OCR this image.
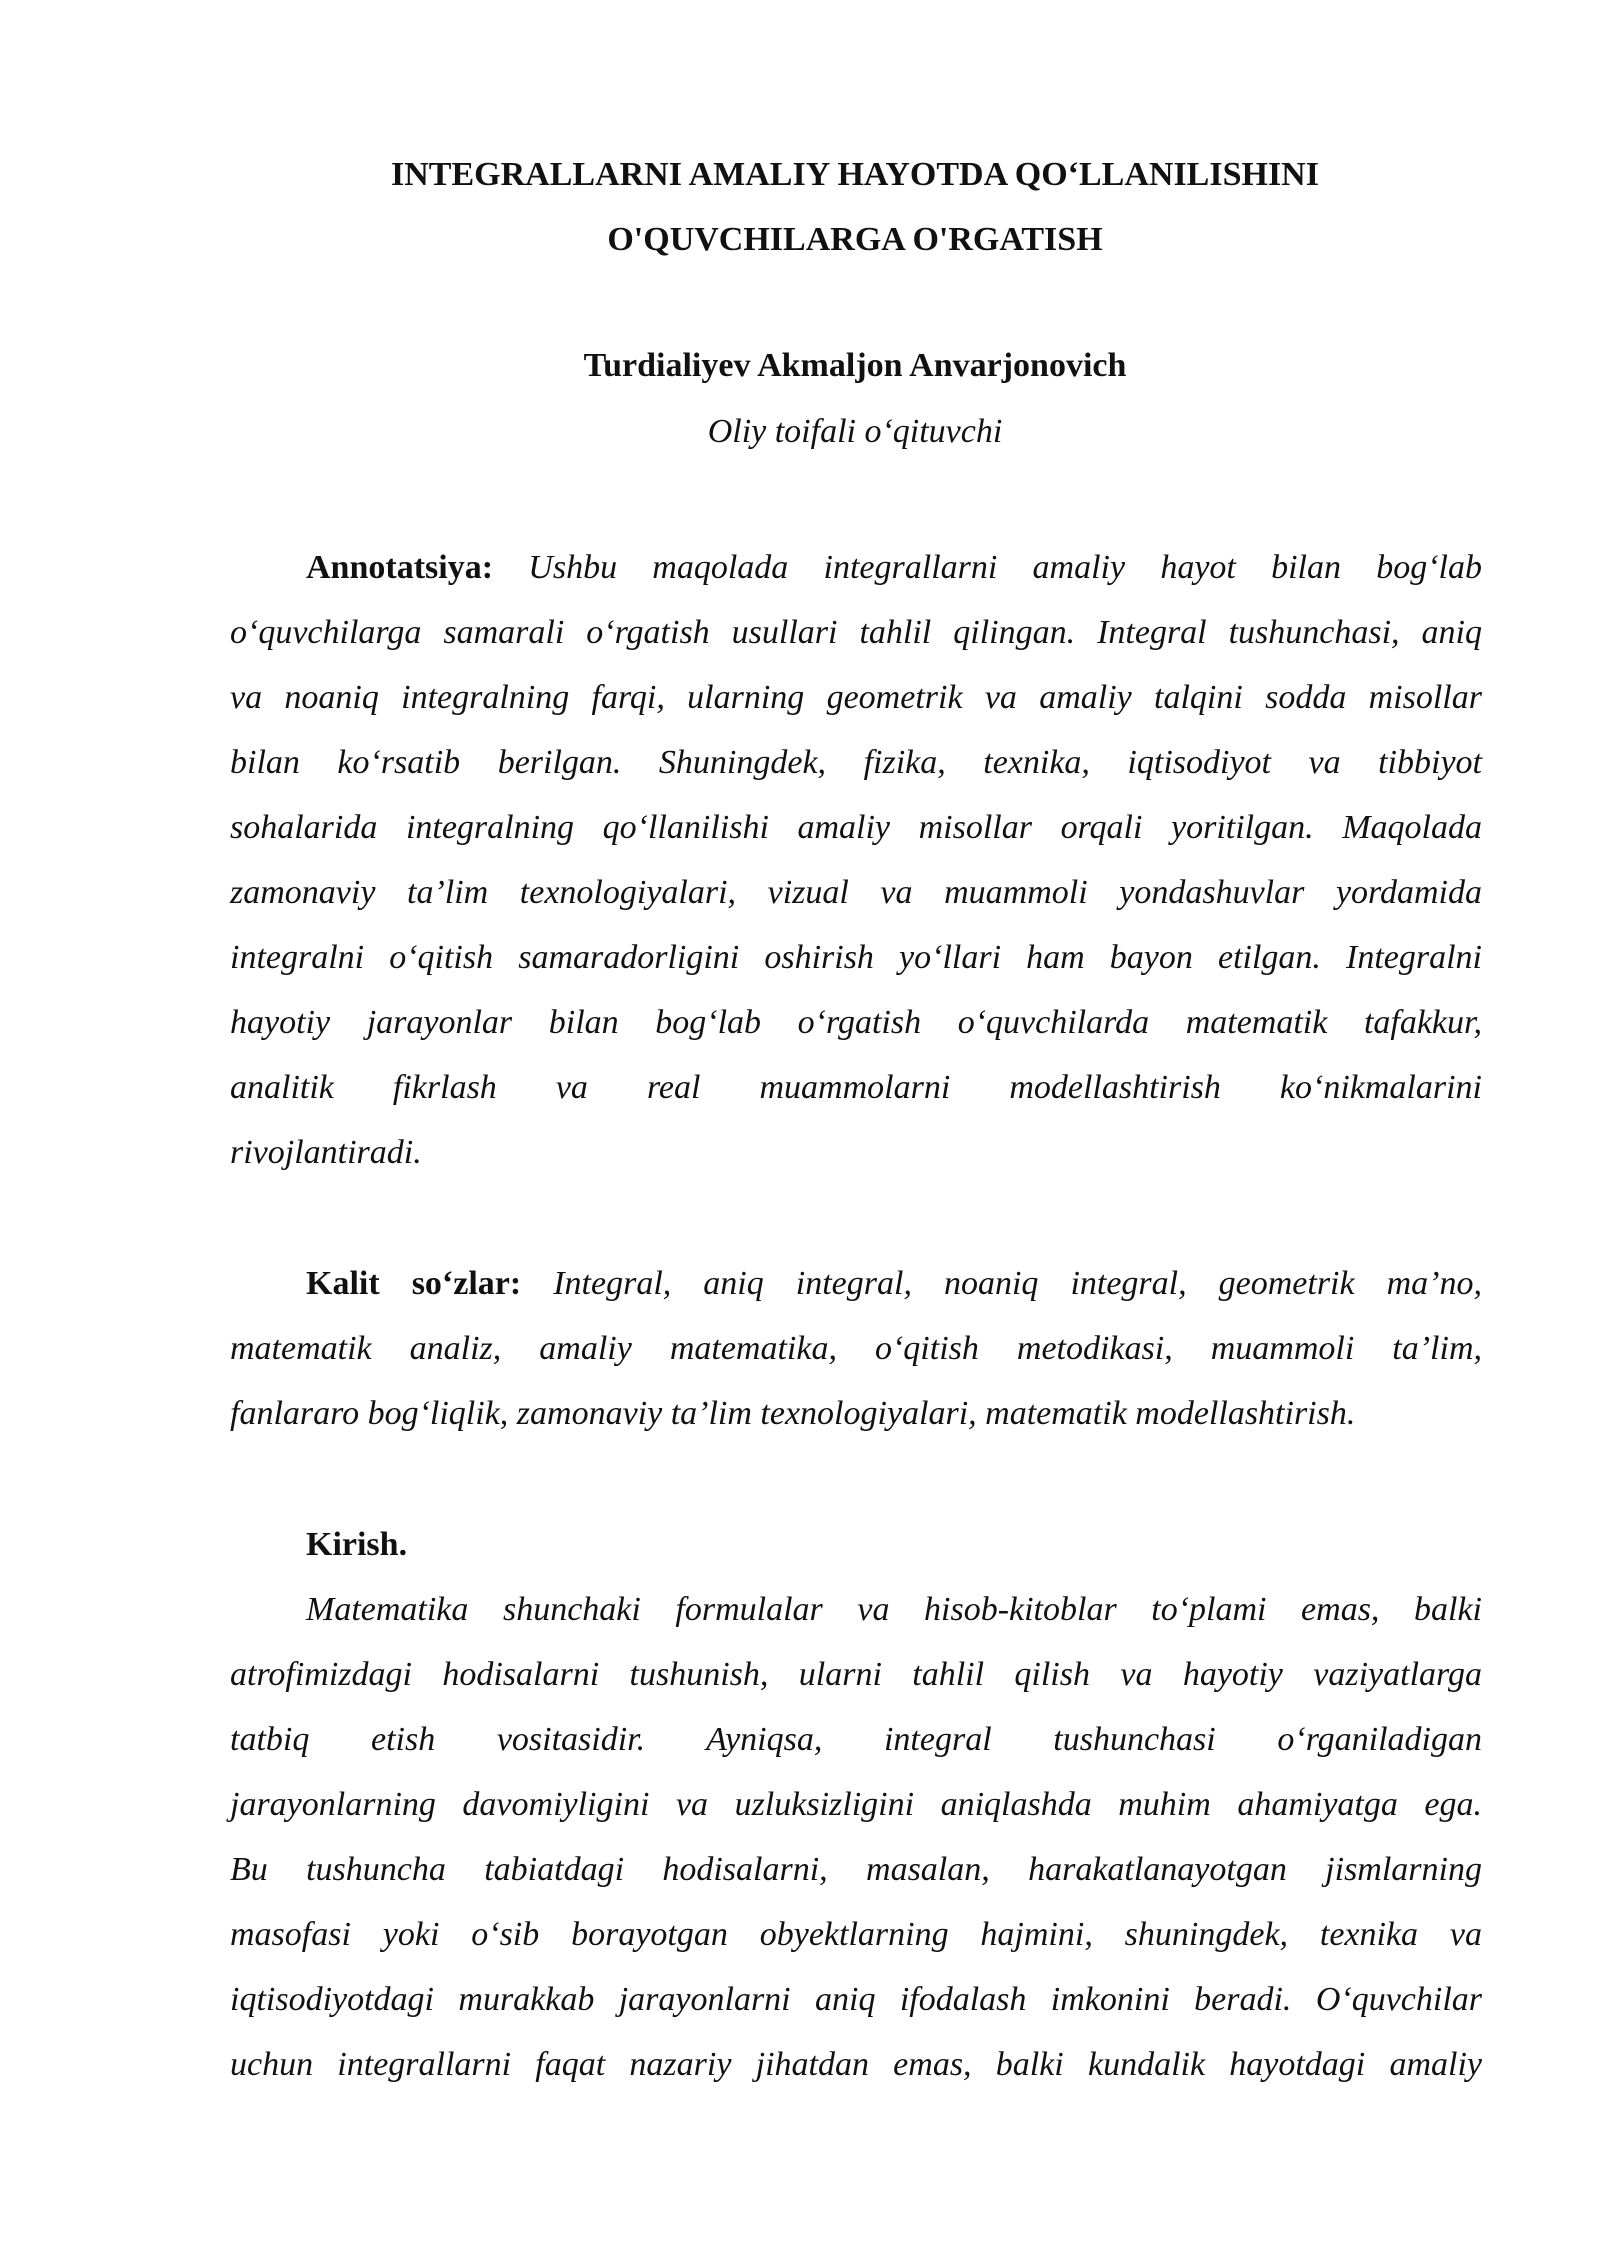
INTEGRALLARNI AMALIY HAYOTDA QO‘LLANILISHINI
O'QUVCHILARGA O'RGATISH

Turdialiyev Akmaljon Anvarjonovich

Oliy toifali o‘qituvchi

Annotatsiya: Ushbu maqolada integrallarni amaliy hayot bilan bog‘lab
o‘quvchilarga samarali o‘rgatish usullari tahlil qilingan. Integral tushunchasi, aniq
va noaniq integralning farqi, ularning geometrik va amaliy talqini sodda misollar
bilan ko‘rsatib berilgan. Shuningdek, fizika, texnika, iqtisodiyot va tibbiyot
sohalarida integralning qo‘llanilishi amaliy misollar orqali yoritilgan. Maqolada
zamonaviy ta’lim texnologiyalari, vizual va muammoli yondashuvlar yordamida
integralni o‘qitish samaradorligini oshirish yo‘llari ham bayon etilgan. Integralni
hayotiy jarayonlar bilan bog‘lab o‘rgatish o‘quvchilarda matematik tafakkur,
analitik fikrlash va real muammolarni modellashtirish ko‘nikmalarini
rivojlantiradi.
Kalit so‘zlar: Integral, aniq integral, noaniq integral, geometrik ma’no,
matematik analiz, amaliy matematika, o‘qitish metodikasi, muammoli ta’lim,
fanlararo bog‘liqlik, zamonaviy ta’lim texnologiyalari, matematik modellashtirish.
Kirish.
Matematika shunchaki formulalar va hisob-kitoblar to‘plami emas, balki
atrofimizdagi hodisalarni tushunish, ularni tahlil qilish va hayotiy vaziyatlarga
tatbiq etish vositasidir. Ayniqsa, integral tushunchasi o‘rganiladigan
jarayonlarning davomiyligini va uzluksizligini aniqlashda muhim ahamiyatga ega.
Bu tushuncha tabiatdagi hodisalarni, masalan, harakatlanayotgan jismlarning
masofasi yoki o‘sib borayotgan obyektlarning hajmini, shuningdek, texnika va
iqtisodiyotdagi murakkab jarayonlarni aniq ifodalash imkonini beradi. O‘quvchilar
uchun integrallarni faqat nazariy jihatdan emas, balki kundalik hayotdagi amaliy
